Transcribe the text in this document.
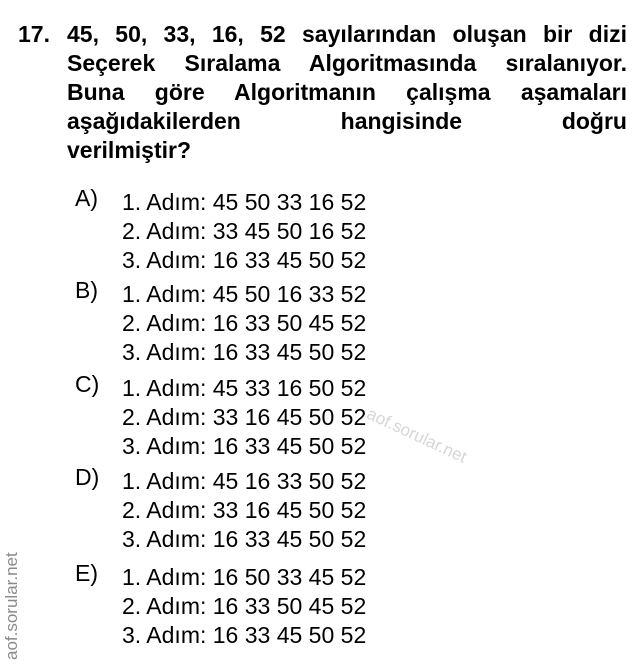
17. 45, 50, 33, 16, 52 sayılarından oluşan bir dizi
Seçerek Sıralama Algoritmasında sıralanıyor.
Buna göre Algoritmanın çalışma aşamaları
aşağıdakilerden hangisinde doğru
verilmiştir?
A)	1. Adım: 45 50 33 16 52
2. Adım: 33 45 50 16 52
3. Adım: 16 33 45 50 52
B)	1. Adım: 45 50 16 33 52
2. Adım: 16 33 50 45 52
3. Adım: 16 33 45 50 52
C) 1. Adım: 45 33 16 50 52
2. Adım: 33 16 45 50 52
3. Adım: 16 33 45 50 52
D) 1. Adım: 45 16 33 50 52
2. Adım: 33 16 45 50 52
3. Adım: 16 33 45 50 52
E)	1. Adım: 16 50 33 45 52
2. Adım: 16 33 50 45 52
3. Adım: 16 33 45 50 52
aof.sorular.net
aof.sorular.net
